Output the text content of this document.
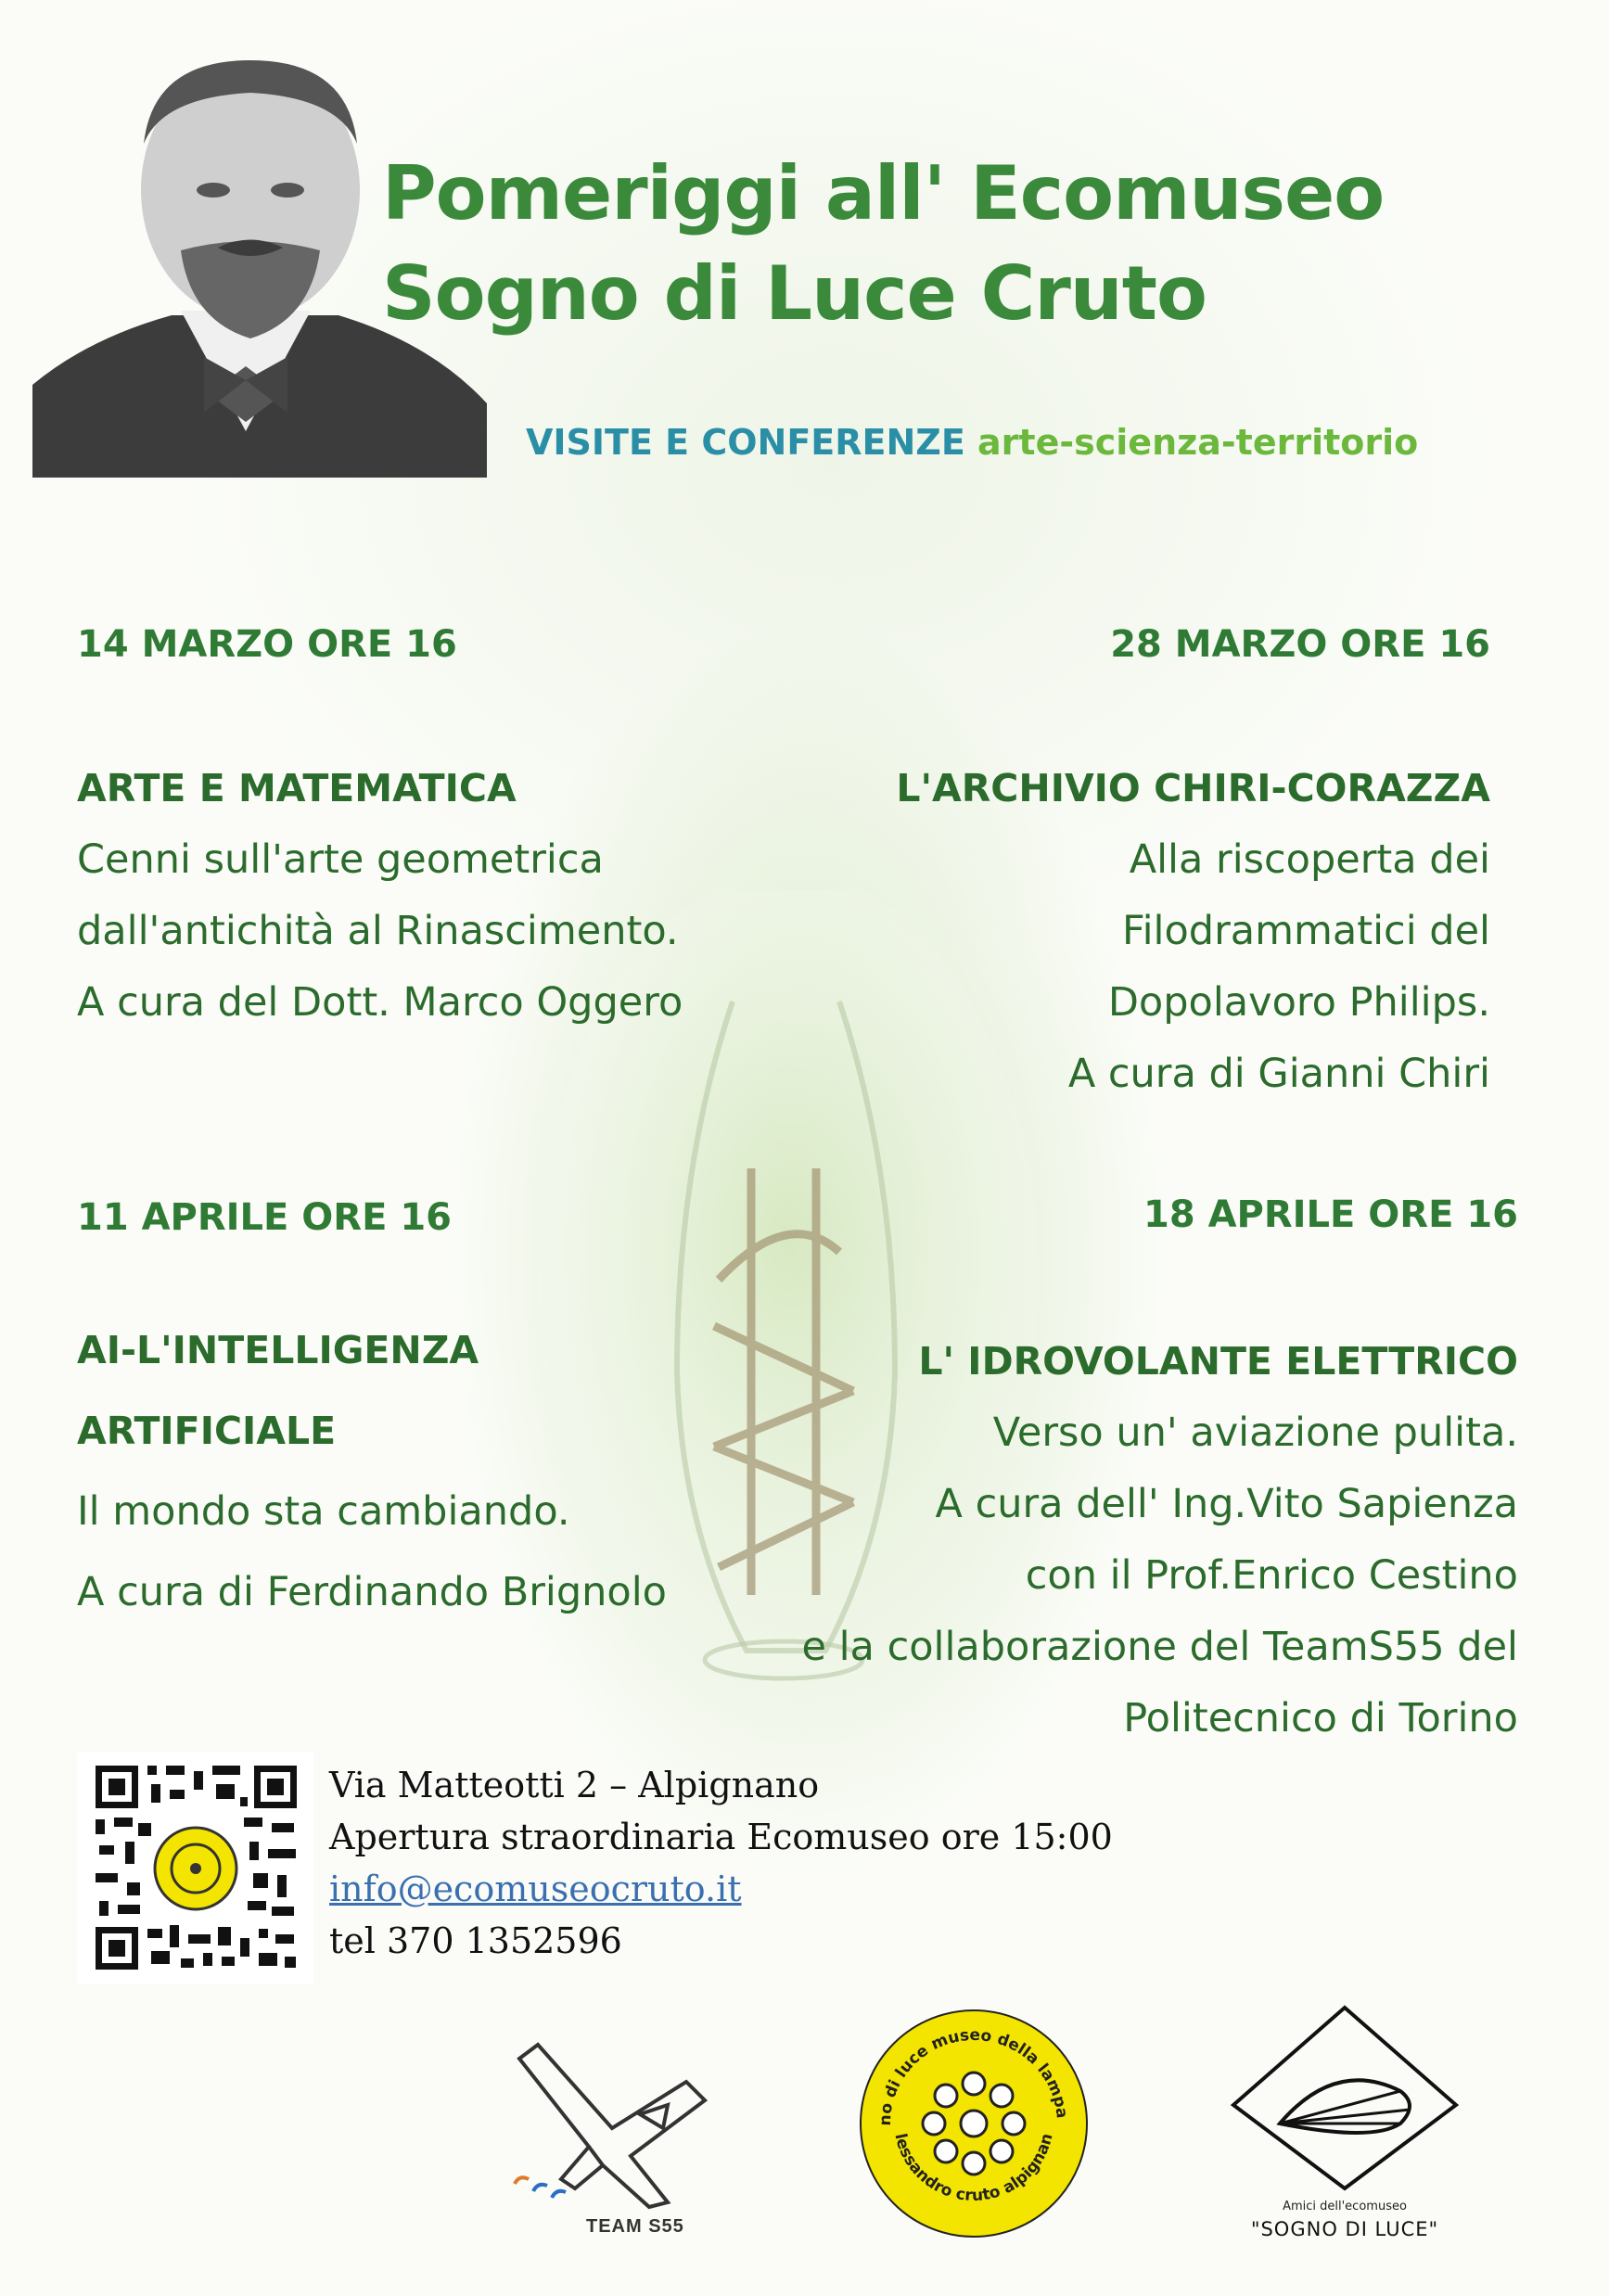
Pomeriggi all' Ecomuseo
Sogno di Luce Cruto
VISITE E CONFERENZE arte-scienza-territorio
14 MARZO ORE 16
ARTE E MATEMATICA
Cenni sull'arte geometrica
dall'antichità al Rinascimento.
A cura del Dott. Marco Oggero
28 MARZO ORE 16
L'ARCHIVIO CHIRI-CORAZZA
Alla riscoperta dei
Filodrammatici del
Dopolavoro Philips.
A cura di Gianni Chiri
11 APRILE ORE 16
AI-L'INTELLIGENZA
ARTIFICIALE
Il mondo sta cambiando.
A cura di Ferdinando Brignolo
18 APRILE ORE 16
L' IDROVOLANTE ELETTRICO
Verso un' aviazione pulita.
A cura dell' Ing.Vito Sapienza
con il Prof.Enrico Cestino
e la collaborazione del TeamS55 del
Politecnico di Torino
Via Matteotti 2 – Alpignano
Apertura straordinaria Ecomuseo ore 15:00
info@ecomuseocruto.it
tel 370 1352596
TEAM S55
no di luce museo della lampa
lessandro cruto alpignan
Amici dell'ecomuseo
"SOGNO DI LUCE"
